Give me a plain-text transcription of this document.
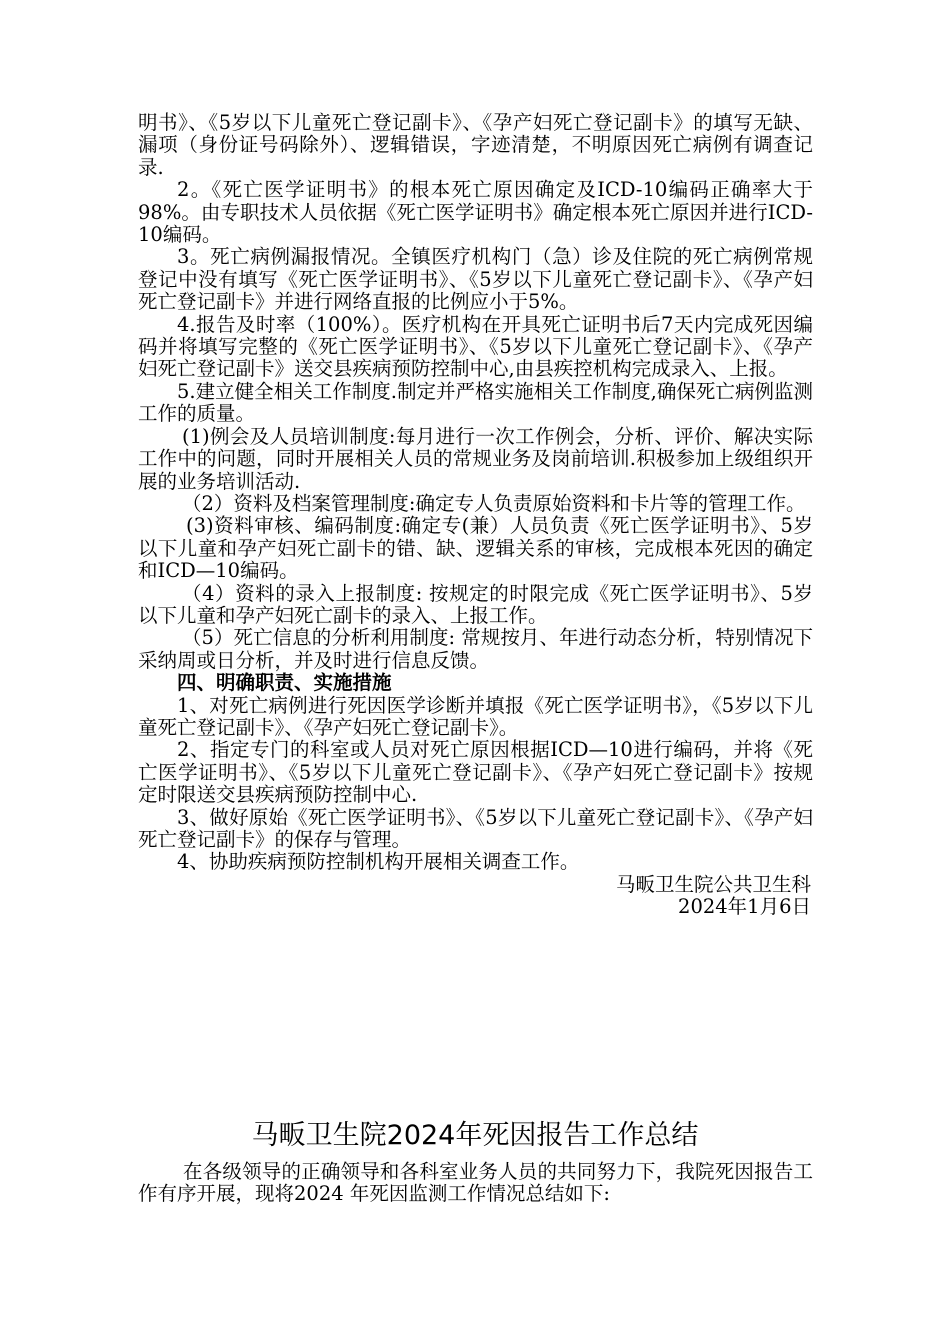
明书》、《5岁以下儿童死亡登记副卡》、《孕产妇死亡登记副卡》的填写无缺、漏项（身份证号码除外）、逻辑错误，字迹清楚，不明原因死亡病例有调查记录.

2。《死亡医学证明书》的根本死亡原因确定及ICD-10编码正确率大于98%。由专职技术人员依据《死亡医学证明书》确定根本死亡原因并进行ICD-10编码。

3。死亡病例漏报情况。全镇医疗机构门（急）诊及住院的死亡病例常规登记中没有填写《死亡医学证明书》、《5岁以下儿童死亡登记副卡》、《孕产妇死亡登记副卡》并进行网络直报的比例应小于5%。

4.报告及时率（100%）。医疗机构在开具死亡证明书后7天内完成死因编码并将填写完整的《死亡医学证明书》、《5岁以下儿童死亡登记副卡》、《孕产妇死亡登记副卡》送交县疾病预防控制中心,由县疾控机构完成录入、上报。

5.建立健全相关工作制度.制定并严格实施相关工作制度,确保死亡病例监测工作的质量。

(1)例会及人员培训制度:每月进行一次工作例会，分析、评价、解决实际工作中的问题，同时开展相关人员的常规业务及岗前培训.积极参加上级组织开展的业务培训活动.

（2）资料及档案管理制度:确定专人负责原始资料和卡片等的管理工作。

(3)资料审核、编码制度:确定专(兼）人员负责《死亡医学证明书》、5岁以下儿童和孕产妇死亡副卡的错、缺、逻辑关系的审核，完成根本死因的确定和ICD—10编码。

（4）资料的录入上报制度: 按规定的时限完成《死亡医学证明书》、5岁以下儿童和孕产妇死亡副卡的录入、上报工作。

（5）死亡信息的分析利用制度: 常规按月、年进行动态分析，特别情况下采纳周或日分析，并及时进行信息反馈。

四、明确职责、实施措施

1、对死亡病例进行死因医学诊断并填报《死亡医学证明书》，《5岁以下儿童死亡登记副卡》、《孕产妇死亡登记副卡》。

2、指定专门的科室或人员对死亡原因根据ICD—10进行编码，并将《死亡医学证明书》、《5岁以下儿童死亡登记副卡》、《孕产妇死亡登记副卡》按规定时限送交县疾病预防控制中心.

3、做好原始《死亡医学证明书》、《5岁以下儿童死亡登记副卡》、《孕产妇死亡登记副卡》的保存与管理。

4、协助疾病预防控制机构开展相关调查工作。

马畈卫生院公共卫生科

2024年1月6日

马畈卫生院2024年死因报告工作总结

在各级领导的正确领导和各科室业务人员的共同努力下，我院死因报告工作有序开展，现将2024 年死因监测工作情况总结如下:
